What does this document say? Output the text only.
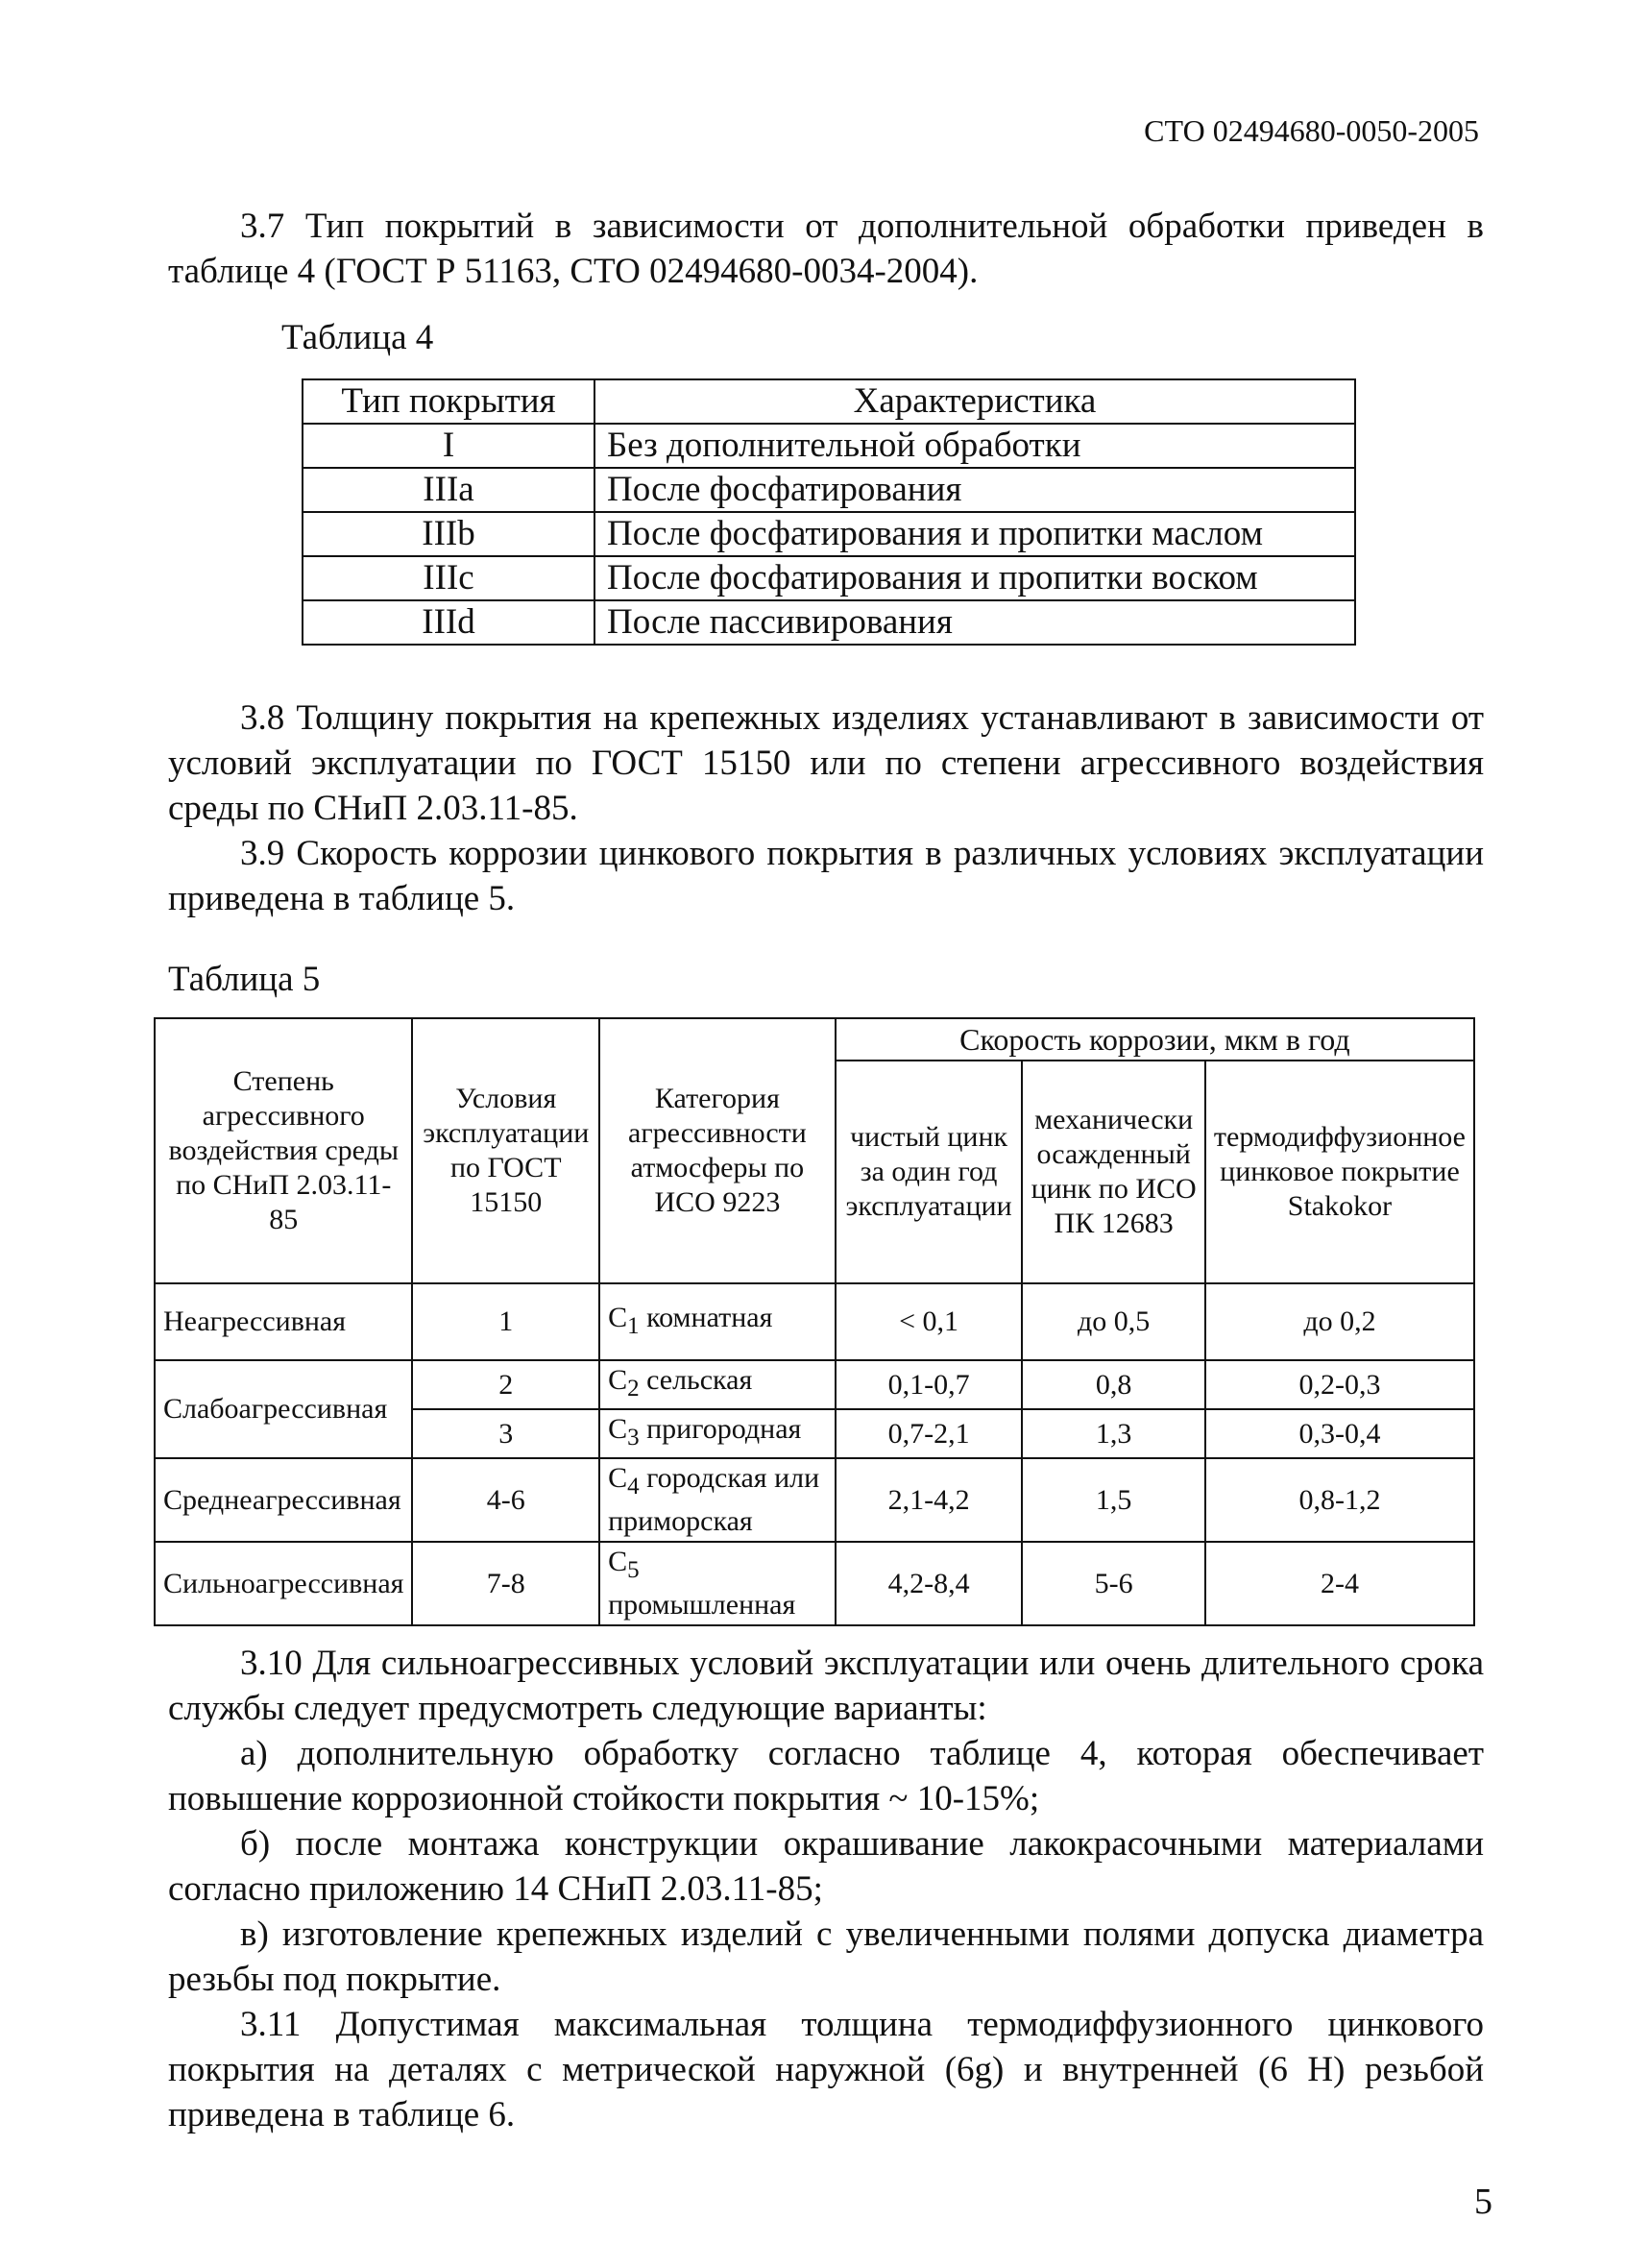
СТО 02494680-0050-2005
3.7 Тип покрытий в зависимости от дополнительной обработки приведен в таблице 4 (ГОСТ Р 51163, СТО 02494680-0034-2004).
Таблица 4
Тип покрытия	Характеристика
I	Без дополнительной обработки
IIIa	После фосфатирования
IIIb	После фосфатирования и пропитки маслом
IIIc	После фосфатирования и пропитки воском
IIId	После пассивирования
3.8 Толщину покрытия на крепежных изделиях устанавливают в зависимости от условий эксплуатации по ГОСТ 15150 или по степени агрессивного воздействия среды по СНиП 2.03.11-85.
3.9 Скорость коррозии цинкового покрытия в различных условиях эксплуатации приведена в таблице 5.
Таблица 5
Степень агрессивного воздействия среды по СНиП 2.03.11-85	Условия эксплуатации по ГОСТ 15150	Категория агрессивности атмосферы по ИСО 9223	Скорость коррозии, мкм в год		
			чистый цинк за один год эксплуатации	механически осажденный цинк по ИСО ПК 12683	термодиффузионное цинковое покрытие Stakokor
Неагрессивная	1	$C_1$ комнатная	< 0,1	до 0,5	до 0,2
Слабоагрессивная	2	$C_2$ сельская	0,1-0,7	0,8	0,2-0,3
	3	$C_3$ пригородная	0,7-2,1	1,3	0,3-0,4
Среднеагрессивная	4-6	$C_4$ городская или приморская	2,1-4,2	1,5	0,8-1,2
Сильноагрессивная	7-8	$C_5$ промышленная	4,2-8,4	5-6	2-4
3.10 Для сильноагрессивных условий эксплуатации или очень длительного срока службы следует предусмотреть следующие варианты:
а) дополнительную обработку согласно таблице 4, которая обеспечивает повышение коррозионной стойкости покрытия ~ 10-15%;
б) после монтажа конструкции окрашивание лакокрасочными материалами согласно приложению 14 СНиП 2.03.11-85;
в) изготовление крепежных изделий с увеличенными полями допуска диаметра резьбы под покрытие.
3.11 Допустимая максимальная толщина термодиффузионного цинкового покрытия на деталях с метрической наружной (6g) и внутренней (6 H) резьбой приведена в таблице 6.
5
